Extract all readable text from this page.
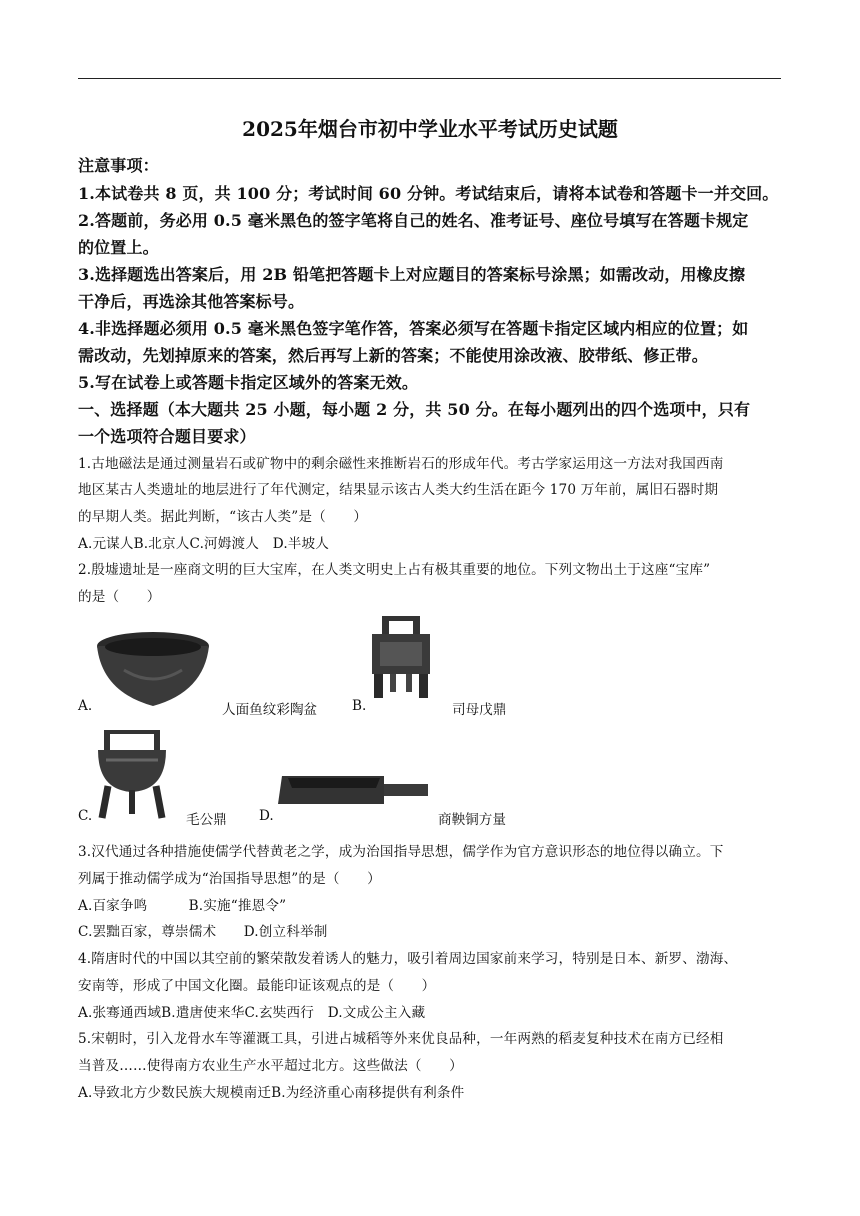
2025年烟台市初中学业水平考试历史试题
注意事项：
1.本试卷共 8 页，共 100 分；考试时间 60 分钟。考试结束后，请将本试卷和答题卡一并交回。
2.答题前，务必用 0.5 毫米黑色的签字笔将自己的姓名、准考证号、座位号填写在答题卡规定
的位置上。
3.选择题选出答案后，用 2B 铅笔把答题卡上对应题目的答案标号涂黑；如需改动，用橡皮擦
干净后，再选涂其他答案标号。
4.非选择题必须用 0.5 毫米黑色签字笔作答，答案必须写在答题卡指定区域内相应的位置；如
需改动，先划掉原来的答案，然后再写上新的答案；不能使用涂改液、胶带纸、修正带。
5.写在试卷上或答题卡指定区域外的答案无效。
一、选择题（本大题共 25 小题，每小题 2 分，共 50 分。在每小题列出的四个选项中，只有
一个选项符合题目要求）
1.古地磁法是通过测量岩石或矿物中的剩余磁性来推断岩石的形成年代。考古学家运用这一方法对我国西南
地区某古人类遗址的地层进行了年代测定，结果显示该古人类大约生活在距今 170 万年前，属旧石器时期
的早期人类。据此判断，“该古人类”是（　　）
A.元谋人B.北京人C.河姆渡人　D.半坡人
2.殷墟遗址是一座商文明的巨大宝库，在人类文明史上占有极其重要的地位。下列文物出土于这座“宝库”
的是（　　）
A.	人面鱼纹彩陶盆	B.	司母戊鼎
C.	毛公鼎 D.	商鞅铜方量
3.汉代通过各种措施使儒学代替黄老之学，成为治国指导思想，儒学作为官方意识形态的地位得以确立。下
列属于推动儒学成为“治国指导思想”的是（　　）
A.百家争鸣　　　B.实施“推恩令”
C.罢黜百家，尊崇儒术　　D.创立科举制
4.隋唐时代的中国以其空前的繁荣散发着诱人的魅力，吸引着周边国家前来学习，特别是日本、新罗、渤海、
安南等，形成了中国文化圈。最能印证该观点的是（　　）
A.张骞通西域B.遣唐使来华C.玄奘西行　D.文成公主入藏
5.宋朝时，引入龙骨水车等灌溉工具，引进占城稻等外来优良品种，一年两熟的稻麦复种技术在南方已经相
当普及……使得南方农业生产水平超过北方。这些做法（　　）
A.导致北方少数民族大规模南迁B.为经济重心南移提供有利条件
